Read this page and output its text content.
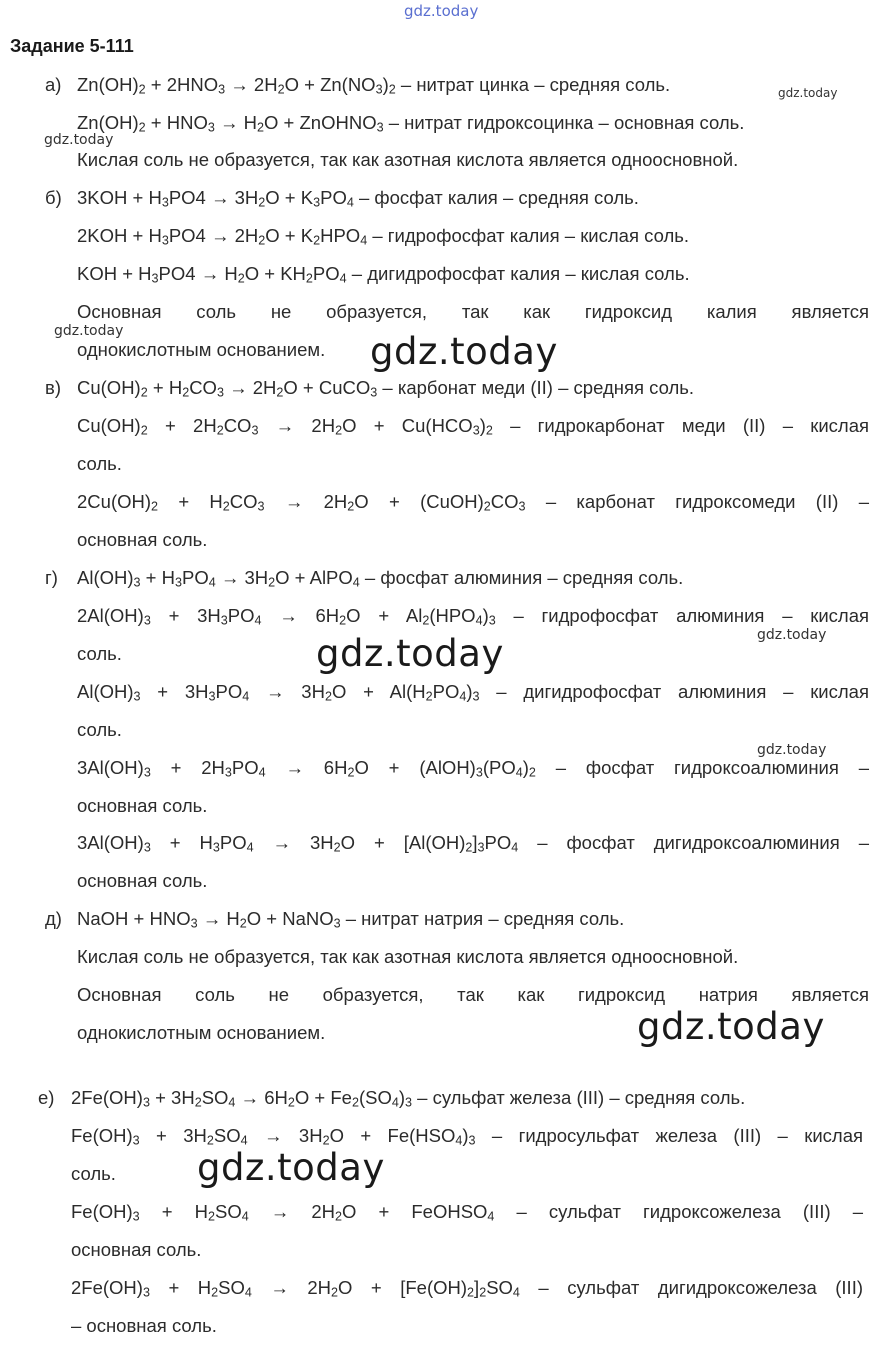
gdz.today
gdz.today
gdz.today
gdz.today	gdz.today
gdz.today
gdz.today
gdz.today
gdz.today
gdz.today
Задание 5-111
а)
б)
в)
г)
д)
е)
$Zn(OH)_2 + 2HNO_3 \to 2H_2O + Zn(NO_3)_2$ – нитрат цинка – средняя соль.
$Zn(OH)_2 + HNO_3 \to H_2O$ + ZnOHNO$_3$ – нитрат гидроксоцинка – основная соль.
Кислая соль не образуется, так как азотная кислота является одноосновной.
$3KOH + H_3PO4 \to 3H_2O + K_3PO_4$ – фосфат калия – средняя соль.
$2KOH + H_3PO4 \to 2H_2O + K_2HPO_4$ – гидрофосфат калия – кислая соль.
KOH + $H_3PO4 \to H_2O + KH_2PO_4$ – дигидрофосфат калия – кислая соль.
Основная соль не образуется, так как гидроксид калия является
однокислотным основанием.
$Cu(OH)_2 + H_2CO_3 \to 2H_2O$ + CuCO$_3$ – карбонат меди (II) – средняя соль.
$Cu(OH)_2 + 2H_2CO_3 \to 2H_2O + Cu(HCO_3)_2$ – гидрокарбонат меди (II) – кислая
соль.
$2Cu(OH)_2 + H_2CO_3 \to 2H_2O$ + $(CuOH)_2CO_3$ – карбонат гидроксомеди (II) –
основная соль.
$Al(OH)_3 + H_3PO_4 \to 3H_2O$ + AlPO$_4$ – фосфат алюминия – средняя соль.
$2Al(OH)_3 + 3H_3PO_4 \to 6H_2O + Al_2(HPO_4)_3$ – гидрофосфат алюминия – кислая
соль.
$Al(OH)_3 + 3H_3PO_4 \to 3H_2O + Al(H_2PO_4)_3$ – дигидрофосфат алюминия – кислая
соль.
$3Al(OH)_3 + 2H_3PO_4 \to 6H_2O$ + $(AlOH)_3(PO_4)_2$ – фосфат гидроксоалюминия –
основная соль.
$3Al(OH)_3 + H_3PO_4 \to 3H_2O + [Al(OH)_2]_3PO_4$ – фосфат дигидроксоалюминия –
основная соль.
NaOH + $HNO_3 \to H_2O$ + NaNO$_3$ – нитрат натрия – средняя соль.
Кислая соль не образуется, так как азотная кислота является одноосновной.
Основная соль не образуется, так как гидроксид натрия является
однокислотным основанием.
$2Fe(OH)_3 + 3H_2SO_4 \to 6H_2O + Fe_2(SO_4)_3$ – сульфат железа (III) – средняя соль.
$Fe(OH)_3 + 3H_2SO_4 \to 3H_2O + Fe(HSO_4)_3$ – гидросульфат железа (III) – кислая
соль.
$Fe(OH)_3 + H_2SO_4 \to 2H_2O$ + FeOHSO$_4$ – сульфат гидроксожелеза (III) –
основная соль.
$2Fe(OH)_3 + H_2SO_4 \to 2H_2O + [Fe(OH)_2]_2SO_4$ – сульфат дигидроксожелеза (III)
– основная соль.
